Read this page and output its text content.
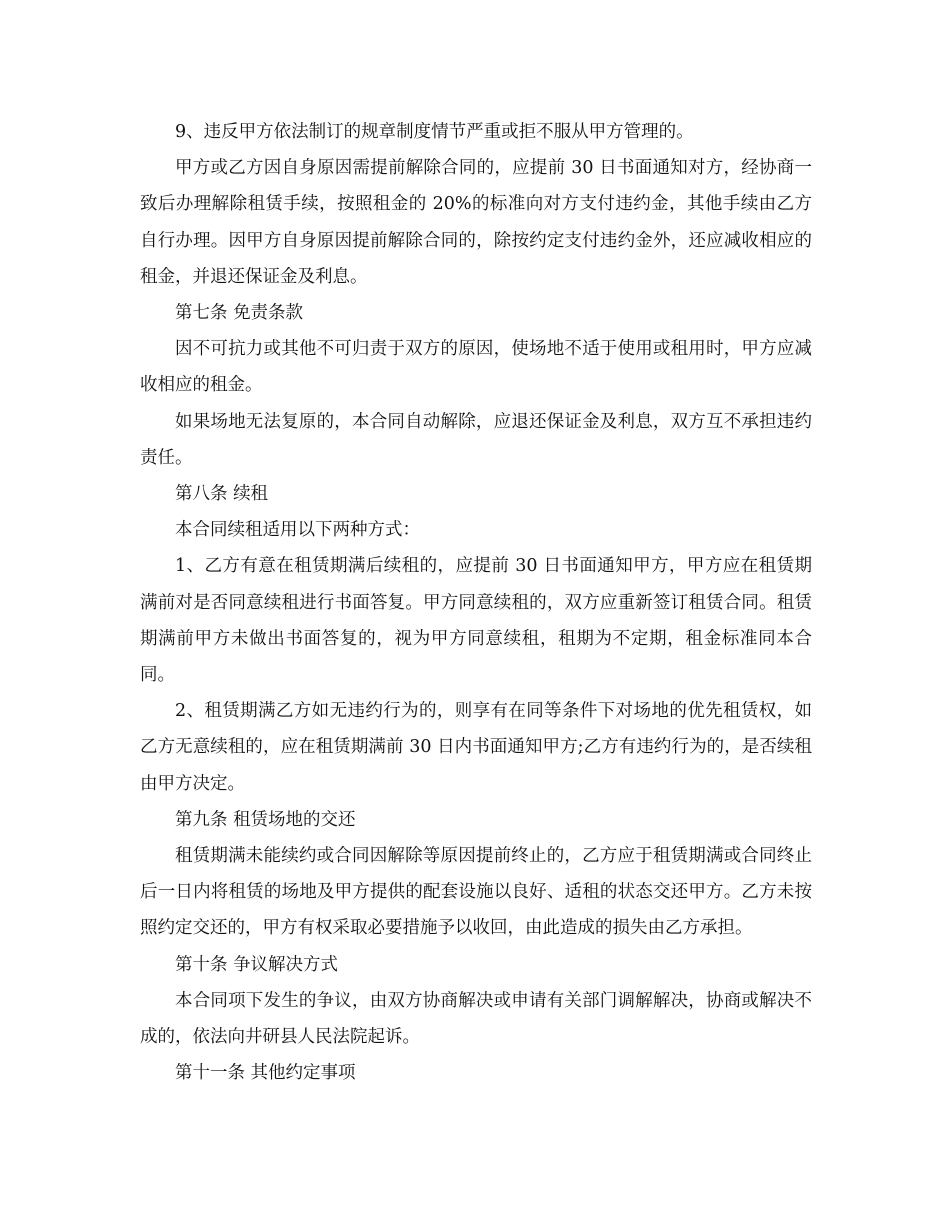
9、违反甲方依法制订的规章制度情节严重或拒不服从甲方管理的。

甲方或乙方因自身原因需提前解除合同的，应提前 30 日书面通知对方，经协商一致后办理解除租赁手续，按照租金的 20%的标准向对方支付违约金，其他手续由乙方自行办理。因甲方自身原因提前解除合同的，除按约定支付违约金外，还应减收相应的租金，并退还保证金及利息。

第七条 免责条款

因不可抗力或其他不可归责于双方的原因，使场地不适于使用或租用时，甲方应减收相应的租金。

如果场地无法复原的，本合同自动解除，应退还保证金及利息，双方互不承担违约责任。

第八条 续租

本合同续租适用以下两种方式：

1、乙方有意在租赁期满后续租的，应提前 30 日书面通知甲方，甲方应在租赁期满前对是否同意续租进行书面答复。甲方同意续租的，双方应重新签订租赁合同。租赁期满前甲方未做出书面答复的，视为甲方同意续租，租期为不定期，租金标准同本合同。

2、租赁期满乙方如无违约行为的，则享有在同等条件下对场地的优先租赁权，如乙方无意续租的，应在租赁期满前 30 日内书面通知甲方;乙方有违约行为的，是否续租由甲方决定。

第九条 租赁场地的交还

租赁期满未能续约或合同因解除等原因提前终止的，乙方应于租赁期满或合同终止后一日内将租赁的场地及甲方提供的配套设施以良好、适租的状态交还甲方。乙方未按照约定交还的，甲方有权采取必要措施予以收回，由此造成的损失由乙方承担。

第十条 争议解决方式

本合同项下发生的争议，由双方协商解决或申请有关部门调解解决，协商或解决不成的，依法向井研县人民法院起诉。

第十一条 其他约定事项
